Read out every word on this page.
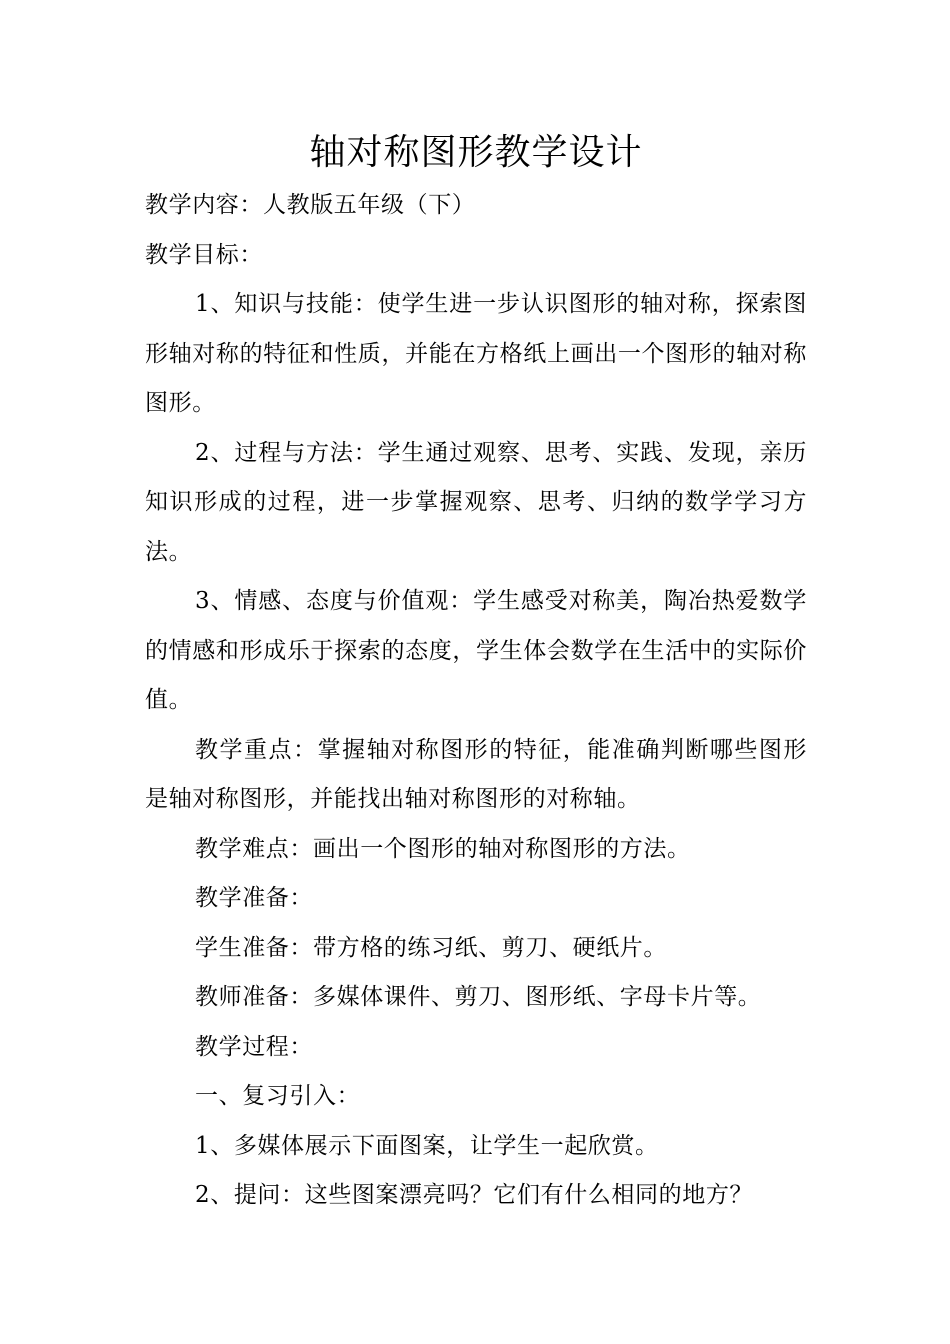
轴对称图形教学设计

教学内容：人教版五年级（下）

教学目标：

1、知识与技能：使学生进一步认识图形的轴对称，探索图形轴对称的特征和性质，并能在方格纸上画出一个图形的轴对称图形。

2、过程与方法：学生通过观察、思考、实践、发现，亲历知识形成的过程，进一步掌握观察、思考、归纳的数学学习方法。

3、情感、态度与价值观：学生感受对称美，陶冶热爱数学的情感和形成乐于探索的态度，学生体会数学在生活中的实际价值。

教学重点：掌握轴对称图形的特征，能准确判断哪些图形是轴对称图形，并能找出轴对称图形的对称轴。

教学难点：画出一个图形的轴对称图形的方法。

教学准备：

学生准备：带方格的练习纸、剪刀、硬纸片。

教师准备：多媒体课件、剪刀、图形纸、字母卡片等。

教学过程：

一、复习引入：

1、多媒体展示下面图案，让学生一起欣赏。

2、提问：这些图案漂亮吗？它们有什么相同的地方？
